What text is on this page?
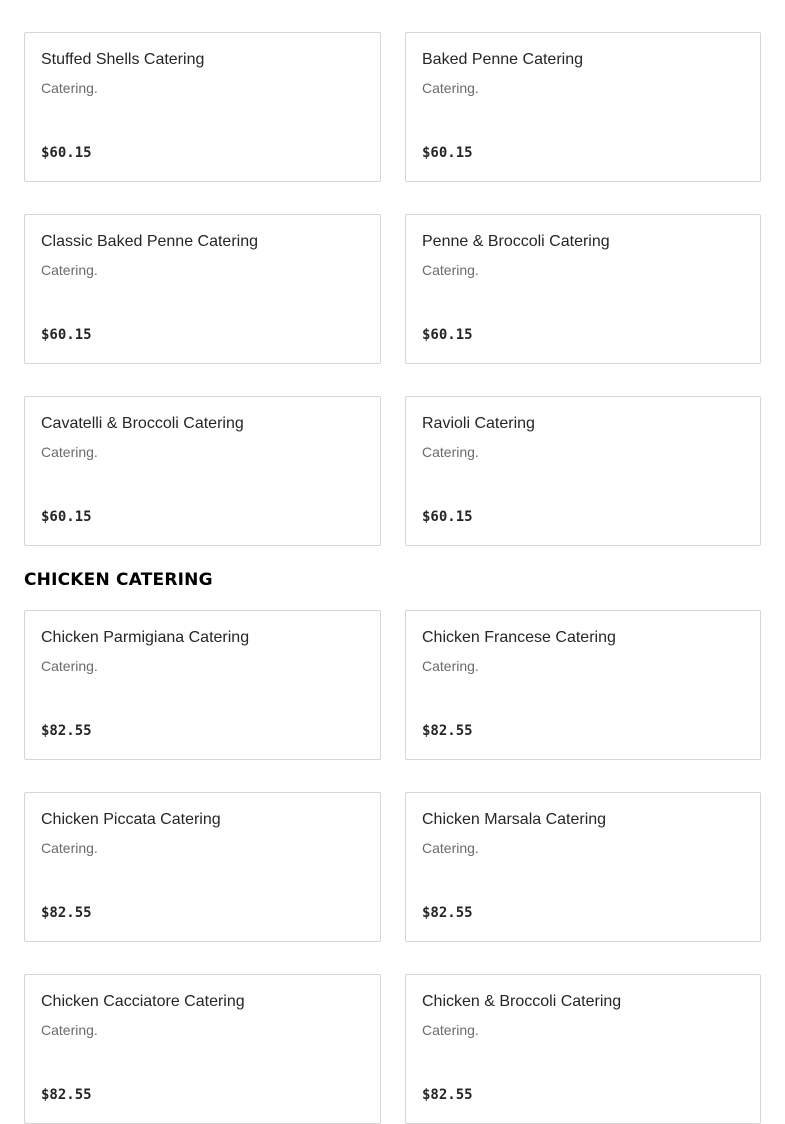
Stuffed Shells Catering
Catering.
$60.15
Baked Penne Catering
Catering.
$60.15
Classic Baked Penne Catering
Catering.
$60.15
Penne & Broccoli Catering
Catering.
$60.15
Cavatelli & Broccoli Catering
Catering.
$60.15
Ravioli Catering
Catering.
$60.15
CHICKEN CATERING
Chicken Parmigiana Catering
Catering.
$82.55
Chicken Francese Catering
Catering.
$82.55
Chicken Piccata Catering
Catering.
$82.55
Chicken Marsala Catering
Catering.
$82.55
Chicken Cacciatore Catering
Catering.
$82.55
Chicken & Broccoli Catering
Catering.
$82.55
